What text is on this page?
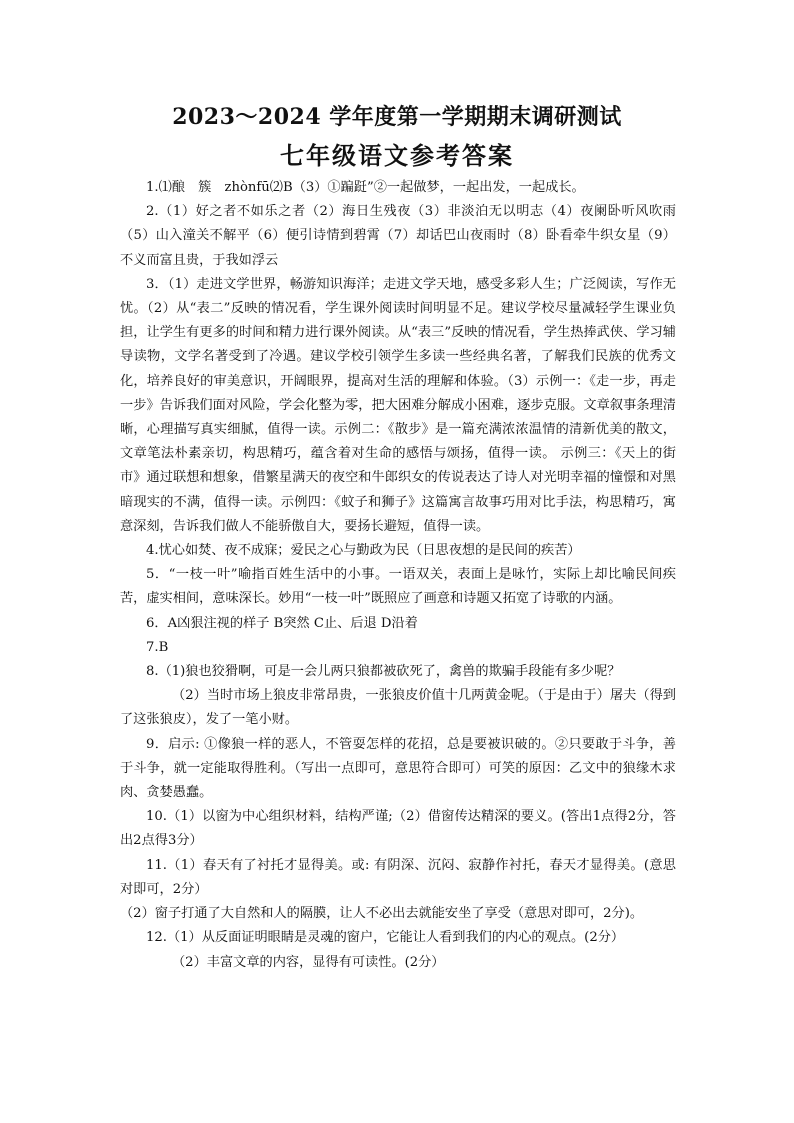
2023～2024 学年度第一学期期末调研测试
七年级语文参考答案

1.⑴酿　簇　zhònfū⑵B（3）①蹁跹”②一起做梦，一起出发，一起成长。

2.（1）好之者不如乐之者（2）海日生残夜（3）非淡泊无以明志（4）夜阑卧听风吹雨（5）山入潼关不解平（6）便引诗情到碧霄（7）却话巴山夜雨时（8）卧看牵牛织女星（9）不义而富且贵，于我如浮云

3．（1）走进文学世界，畅游知识海洋；走进文学天地，感受多彩人生；广泛阅读，写作无忧。（2）从“表二”反映的情况看，学生课外阅读时间明显不足。建议学校尽量减轻学生课业负担，让学生有更多的时间和精力进行课外阅读。从“表三”反映的情况看，学生热捧武侠、学习辅导读物，文学名著受到了冷遇。建议学校引领学生多读一些经典名著，了解我们民族的优秀文化，培养良好的审美意识，开阔眼界，提高对生活的理解和体验。（3）示例一：《走一步，再走一步》告诉我们面对风险，学会化整为零，把大困难分解成小困难，逐步克服。文章叙事条理清晰，心理描写真实细腻，值得一读。示例二：《散步》是一篇充满浓浓温情的清新优美的散文，文章笔法朴素亲切，构思精巧，蕴含着对生命的感悟与颂扬，值得一读。 示例三：《天上的街市》通过联想和想象，借繁星满天的夜空和牛郎织女的传说表达了诗人对光明幸福的憧憬和对黑暗现实的不满，值得一读。示例四：《蚊子和狮子》这篇寓言故事巧用对比手法，构思精巧，寓意深刻，告诉我们做人不能骄傲自大，要扬长避短，值得一读。

4.忧心如焚、夜不成寐；爱民之心与勤政为民（日思夜想的是民间的疾苦）

5．“一枝一叶”喻指百姓生活中的小事。一语双关，表面上是咏竹，实际上却比喻民间疾苦，虚实相间，意味深长。妙用“一枝一叶”既照应了画意和诗题又拓宽了诗歌的内涵。

6．A凶狠注视的样子 B突然 C止、后退 D沿着

7.B

8.（1)狼也狡猾啊，可是一会儿两只狼都被砍死了，禽兽的欺骗手段能有多少呢？

（2）当时市场上狼皮非常昂贵，一张狼皮价值十几两黄金呢。（于是由于）屠夫（得到了这张狼皮），发了一笔小财。

9．启示: ①像狼一样的恶人，不管耍怎样的花招，总是要被识破的。②只要敢于斗争，善于斗争，就一定能取得胜利。（写出一点即可，意思符合即可）可笑的原因：乙文中的狼缘木求肉、贪婪愚蠢。

10.（1）以窗为中心组织材料，结构严谨;（2）借窗传达精深的要义。(答出1点得2分，答出2点得3分）

11.（1）春天有了衬托才显得美。或: 有阴深、沉闷、寂静作衬托，春天才显得美。(意思对即可，2分）

（2）窗子打通了大自然和人的隔膜，让人不必出去就能安坐了享受（意思对即可，2分)。

12.（1）从反面证明眼睛是灵魂的窗户，它能让人看到我们的内心的观点。(2分）

（2）丰富文章的内容，显得有可读性。(2分）
